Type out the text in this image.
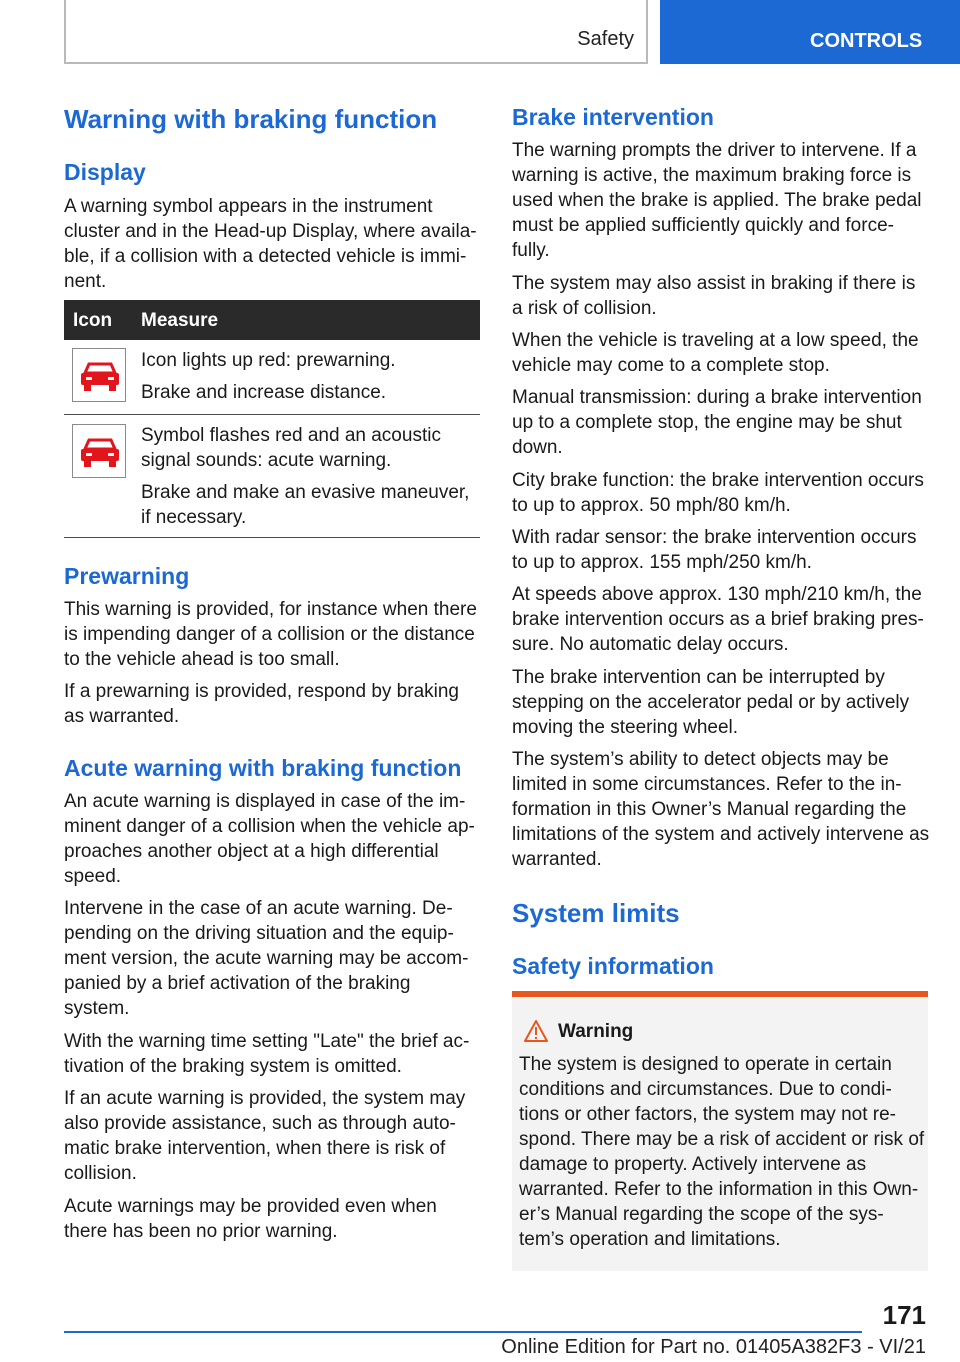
Safety	CONTROLS
Warning with braking function
Display
A warning symbol appears in the instrument cluster and in the Head-up Display, where availa-ble, if a collision with a detected vehicle is immi-nent.
Icon Measure
Icon lights up red: prewarning.
Brake and increase distance.
Symbol flashes red and an acoustic signal sounds: acute warning.
Brake and make an evasive maneuver, if necessary.
Prewarning
This warning is provided, for instance when there is impending danger of a collision or the distance to the vehicle ahead is too small.
If a prewarning is provided, respond by braking as warranted.
Acute warning with braking function
An acute warning is displayed in case of the im-minent danger of a collision when the vehicle ap-proaches another object at a high differential speed.
Intervene in the case of an acute warning. De-pending on the driving situation and the equip-ment version, the acute warning may be accom-panied by a brief activation of the braking system.
With the warning time setting "Late" the brief ac-tivation of the braking system is omitted.
If an acute warning is provided, the system may also provide assistance, such as through auto-matic brake intervention, when there is risk of collision.
Acute warnings may be provided even when there has been no prior warning.
Brake intervention
The warning prompts the driver to intervene. If a warning is active, the maximum braking force is used when the brake is applied. The brake pedal must be applied sufficiently quickly and force-fully.
The system may also assist in braking if there is a risk of collision.
When the vehicle is traveling at a low speed, the vehicle may come to a complete stop.
Manual transmission: during a brake intervention up to a complete stop, the engine may be shut down.
City brake function: the brake intervention occurs to up to approx. 50 mph/80 km/h.
With radar sensor: the brake intervention occurs to up to approx. 155 mph/250 km/h.
At speeds above approx. 130 mph/210 km/h, the brake intervention occurs as a brief braking pres-sure. No automatic delay occurs.
The brake intervention can be interrupted by stepping on the accelerator pedal or by actively moving the steering wheel.
The system’s ability to detect objects may be limited in some circumstances. Refer to the in-formation in this Owner’s Manual regarding the limitations of the system and actively intervene as warranted.
System limits
Safety information
Warning
The system is designed to operate in certain conditions and circumstances. Due to condi-tions or other factors, the system may not re-spond. There may be a risk of accident or risk of damage to property. Actively intervene as warranted. Refer to the information in this Own-er’s Manual regarding the scope of the sys-tem’s operation and limitations.
171
Online Edition for Part no. 01405A382F3 - VI/21
